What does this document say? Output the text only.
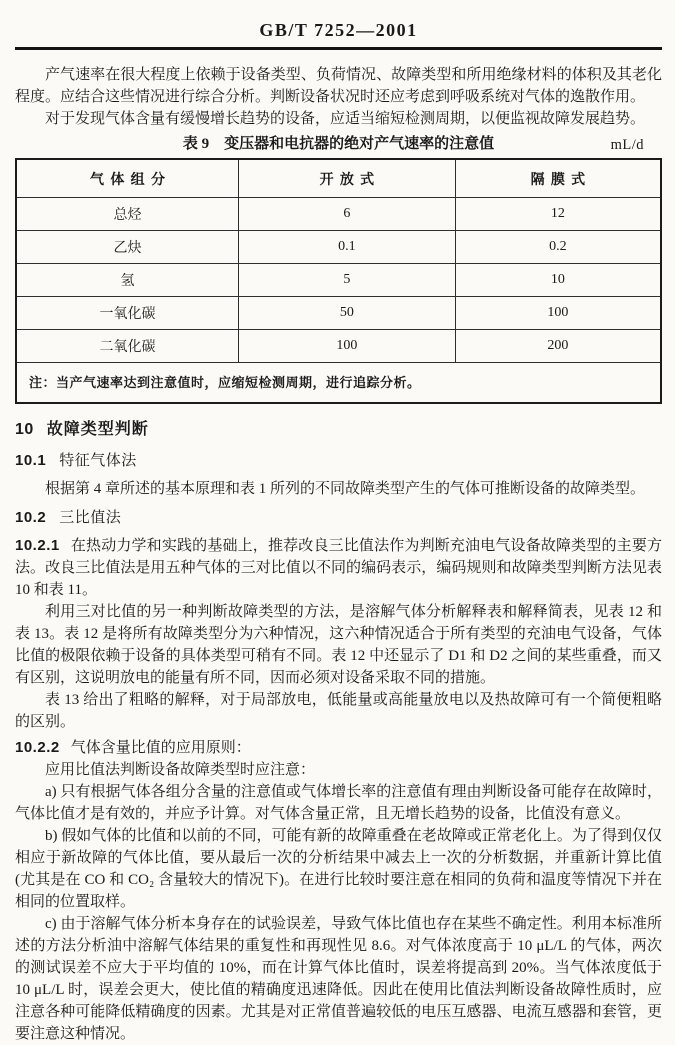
GB/T 7252—2001

产气速率在很大程度上依赖于设备类型、负荷情况、故障类型和所用绝缘材料的体积及其老化程度。应结合这些情况进行综合分析。判断设备状况时还应考虑到呼吸系统对气体的逸散作用。

对于发现气体含量有缓慢增长趋势的设备，应适当缩短检测周期，以便监视故障发展趋势。

表 9　变压器和电抗器的绝对产气速率的注意值	mL/d
气体组分	开放式	隔膜式
总烃	6	12
乙炔	0.1	0.2
氢	5	10
一氧化碳	50	100
二氧化碳	100	200
注：当产气速率达到注意值时，应缩短检测周期，进行追踪分析。		
10 故障类型判断
10.1 特征气体法

根据第 4 章所述的基本原理和表 1 所列的不同故障类型产生的气体可推断设备的故障类型。

10.2 三比值法

10.2.1 在热动力学和实践的基础上，推荐改良三比值法作为判断充油电气设备故障类型的主要方法。改良三比值法是用五种气体的三对比值以不同的编码表示，编码规则和故障类型判断方法见表 10 和表 11。

利用三对比值的另一种判断故障类型的方法，是溶解气体分析解释表和解释简表，见表 12 和表 13。表 12 是将所有故障类型分为六种情况，这六种情况适合于所有类型的充油电气设备，气体比值的极限依赖于设备的具体类型可稍有不同。表 12 中还显示了 D1 和 D2 之间的某些重叠，而又有区别，这说明放电的能量有所不同，因而必须对设备采取不同的措施。

表 13 给出了粗略的解释，对于局部放电，低能量或高能量放电以及热故障可有一个简便粗略的区别。

10.2.2 气体含量比值的应用原则：

应用比值法判断设备故障类型时应注意：

a) 只有根据气体各组分含量的注意值或气体增长率的注意值有理由判断设备可能存在故障时，气体比值才是有效的，并应予计算。对气体含量正常，且无增长趋势的设备，比值没有意义。

b) 假如气体的比值和以前的不同，可能有新的故障重叠在老故障或正常老化上。为了得到仅仅相应于新故障的气体比值，要从最后一次的分析结果中减去上一次的分析数据，并重新计算比值(尤其是在 CO 和 CO₂ 含量较大的情况下)。在进行比较时要注意在相同的负荷和温度等情况下并在相同的位置取样。

c) 由于溶解气体分析本身存在的试验误差，导致气体比值也存在某些不确定性。利用本标准所述的方法分析油中溶解气体结果的重复性和再现性见 8.6。对气体浓度高于 10 μL/L 的气体，两次的测试误差不应大于平均值的 10%，而在计算气体比值时，误差将提高到 20%。当气体浓度低于 10 μL/L 时，误差会更大，使比值的精确度迅速降低。因此在使用比值法判断设备故障性质时，应注意各种可能降低精确度的因素。尤其是对正常值普遍较低的电压互感器、电流互感器和套管，更要注意这种情况。
